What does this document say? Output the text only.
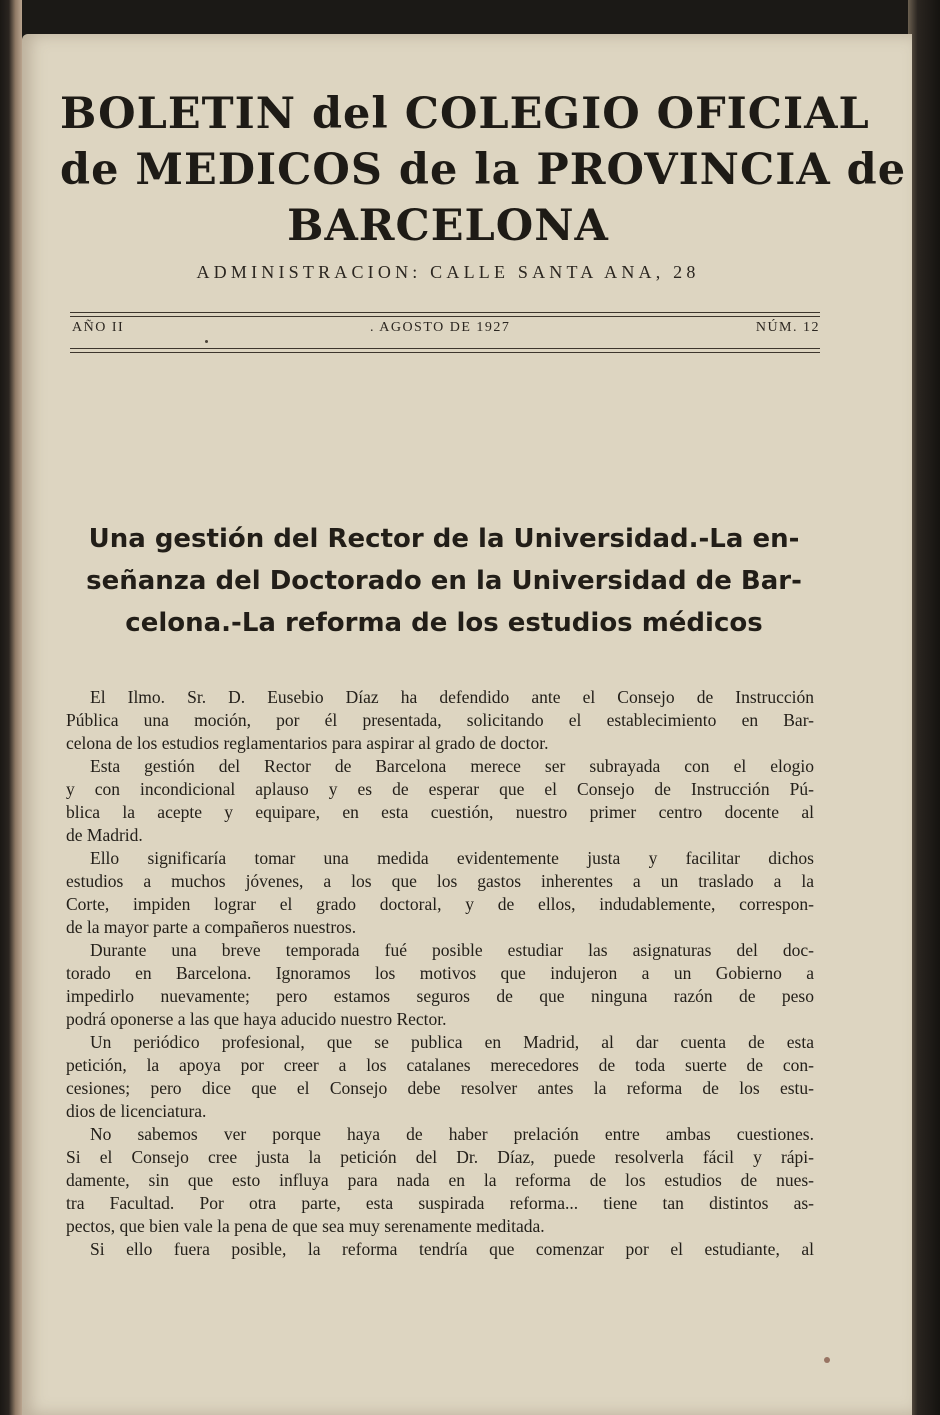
BOLETIN del COLEGIO OFICIAL
de MEDICOS de la PROVINCIA de
BARCELONA
ADMINISTRACION: CALLE SANTA ANA, 28
AÑO II	. AGOSTO DE 1927	NÚM. 12
Una gestión del Rector de la Universidad.-La en-
señanza del Doctorado en la Universidad de Bar-
celona.-La reforma de los estudios médicos
El Ilmo. Sr. D. Eusebio Díaz ha defendido ante el Consejo de Instrucción
Pública una moción, por él presentada, solicitando el establecimiento en Bar-
celona de los estudios reglamentarios para aspirar al grado de doctor.
Esta gestión del Rector de Barcelona merece ser subrayada con el elogio
y con incondicional aplauso y es de esperar que el Consejo de Instrucción Pú-
blica la acepte y equipare, en esta cuestión, nuestro primer centro docente al
de Madrid.
Ello significaría tomar una medida evidentemente justa y facilitar dichos
estudios a muchos jóvenes, a los que los gastos inherentes a un traslado a la
Corte, impiden lograr el grado doctoral, y de ellos, indudablemente, correspon-
de la mayor parte a compañeros nuestros.
Durante una breve temporada fué posible estudiar las asignaturas del doc-
torado en Barcelona. Ignoramos los motivos que indujeron a un Gobierno a
impedirlo nuevamente; pero estamos seguros de que ninguna razón de peso
podrá oponerse a las que haya aducido nuestro Rector.
Un periódico profesional, que se publica en Madrid, al dar cuenta de esta
petición, la apoya por creer a los catalanes merecedores de toda suerte de con-
cesiones; pero dice que el Consejo debe resolver antes la reforma de los estu-
dios de licenciatura.
No sabemos ver porque haya de haber prelación entre ambas cuestiones.
Si el Consejo cree justa la petición del Dr. Díaz, puede resolverla fácil y rápi-
damente, sin que esto influya para nada en la reforma de los estudios de nues-
tra Facultad. Por otra parte, esta suspirada reforma... tiene tan distintos as-
pectos, que bien vale la pena de que sea muy serenamente meditada.
Si ello fuera posible, la reforma tendría que comenzar por el estudiante, al
